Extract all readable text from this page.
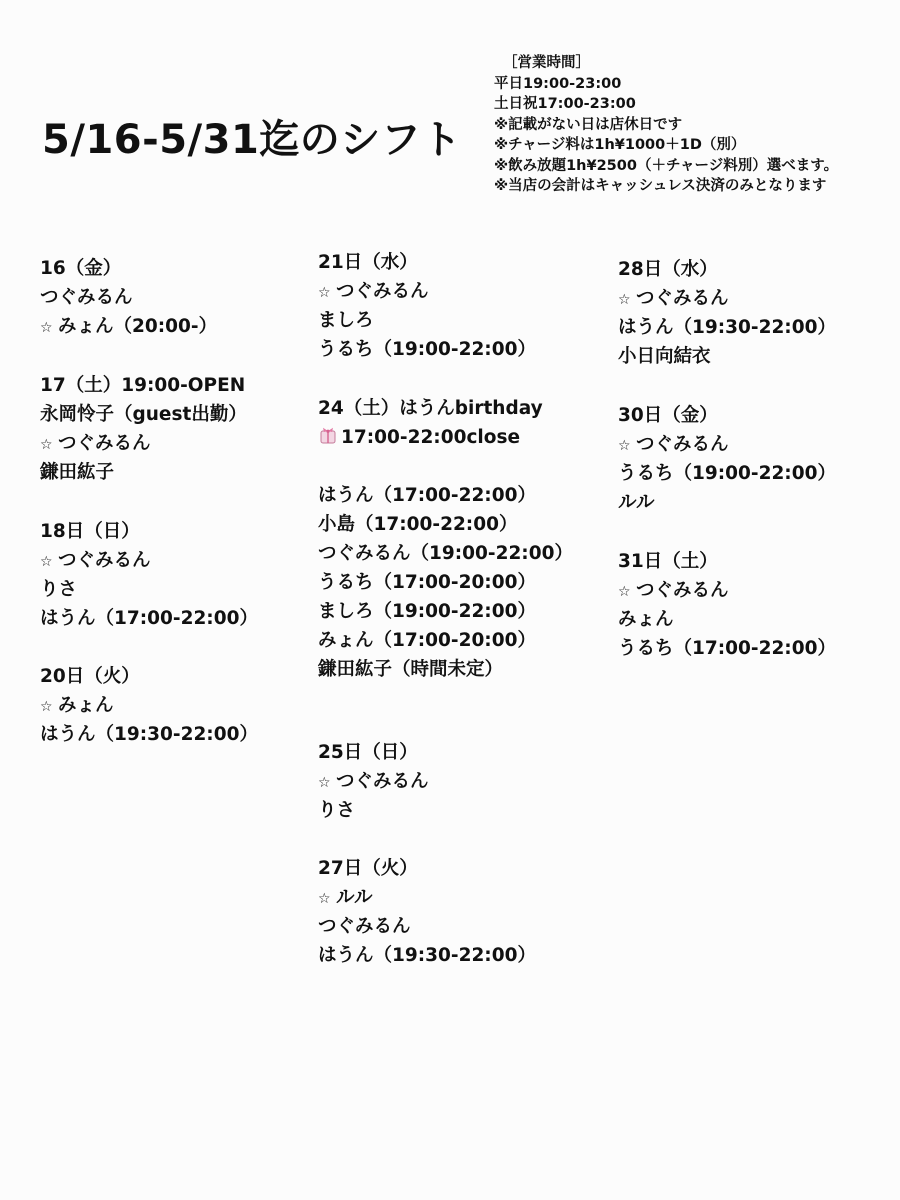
5/16-5/31迄のシフト
［営業時間］
平日19:00-23:00
土日祝17:00-23:00
※記載がない日は店休日です
※チャージ料は1h¥1000＋1D（別）
※飲み放題1h¥2500（＋チャージ料別）選べます。
※当店の会計はキャッシュレス決済のみとなります
16（金）
つぐみるん
☆ みょん（20:00-）
17（土）19:00-OPEN
永岡怜子（guest出勤）
☆ つぐみるん
鎌田紘子
18日（日）
☆ つぐみるん
りさ
はうん（17:00-22:00）
20日（火）
☆ みょん
はうん（19:30-22:00）
21日（水）
☆ つぐみるん
ましろ
うるち（19:00-22:00）
24（土）はうんbirthday
17:00-22:00close
はうん（17:00-22:00）
小島（17:00-22:00）
つぐみるん（19:00-22:00）
うるち（17:00-20:00）
ましろ（19:00-22:00）
みょん（17:00-20:00）
鎌田紘子（時間未定）
25日（日）
☆ つぐみるん
りさ
27日（火）
☆ ルル
つぐみるん
はうん（19:30-22:00）
28日（水）
☆ つぐみるん
はうん（19:30-22:00）
小日向結衣
30日（金）
☆ つぐみるん
うるち（19:00-22:00）
ルル
31日（土）
☆ つぐみるん
みょん
うるち（17:00-22:00）
